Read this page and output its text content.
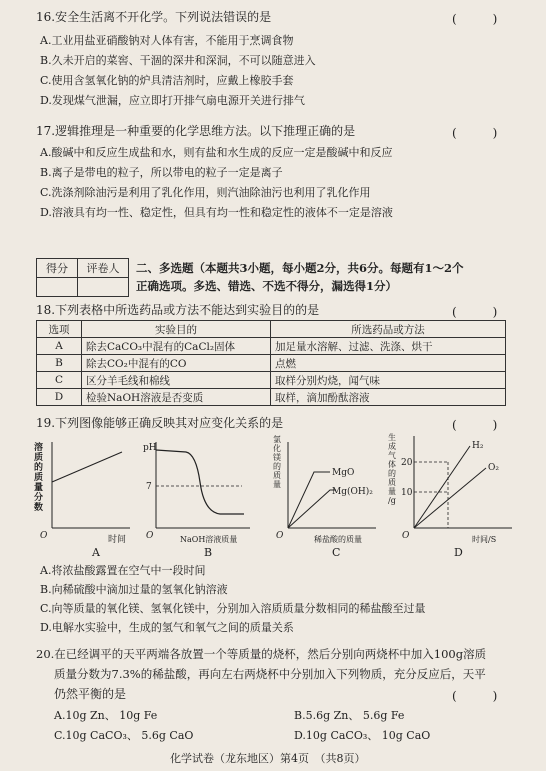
16.安全生活离不开化学。下列说法错误的是	(　　　)
A.工业用盐亚硝酸钠对人体有害，不能用于烹调食物
B.久未开启的菜窖、干涸的深井和深洞，不可以随意进入
C.使用含氢氧化钠的炉具清洁剂时，应戴上橡胶手套
D.发现煤气泄漏，应立即打开排气扇电源开关进行排气
17.逻辑推理是一种重要的化学思维方法。以下推理正确的是	(　　　)
A.酸碱中和反应生成盐和水，则有盐和水生成的反应一定是酸碱中和反应
B.离子是带电的粒子，所以带电的粒子一定是离子
C.洗涤剂除油污是利用了乳化作用，则汽油除油污也利用了乳化作用
D.溶液具有均一性、稳定性，但具有均一性和稳定性的液体不一定是溶液
得分	评卷人
	二、多选题（本题共3小题，每小题2分，共6分。每题有1～2个
正确选项。多选、错选、不选不得分，漏选得1分）
18.下列表格中所选药品或方法不能达到实验目的的是	(　　　)
选项	实验目的	所选药品或方法
A	除去CaCO₃中混有的CaCl₂固体	加足量水溶解、过滤、洗涤、烘干
B	除去CO₂中混有的CO	点燃
C	区分羊毛线和棉线	取样分别灼烧，闻气味
D	检验NaOH溶液是否变质	取样，滴加酚酞溶液
19.下列图像能够正确反映其对应变化关系的是	(　　　)
O	时间
溶
质
的
质
量
分
数
pH
7
O	NaOH溶液质量
MgO
Mg(OH)₂
O	稀盐酸的质量
氯
化
镁
的
质
量
H₂
O₂
20
10
O	时间/S
生
成
气
体
的
质
量
/g
A	B	C	D
A.将浓盐酸露置在空气中一段时间
B.向稀硫酸中滴加过量的氢氧化钠溶液
C.向等质量的氧化镁、氢氧化镁中，分别加入溶质质量分数相同的稀盐酸至过量
D.电解水实验中，生成的氢气和氧气之间的质量关系
20.在已经调平的天平两端各放置一个等质量的烧杯，然后分别向两烧杯中加入100g溶质
质量分数为7.3%的稀盐酸，再向左右两烧杯中分别加入下列物质，充分反应后，天平
仍然平衡的是	(　　　)
A.10g Zn、 10g Fe	B.5.6g Zn、 5.6g Fe
C.10g CaCO₃、 5.6g CaO	D.10g CaCO₃、 10g CaO
化学试卷（龙东地区）第4页　（共8页）
